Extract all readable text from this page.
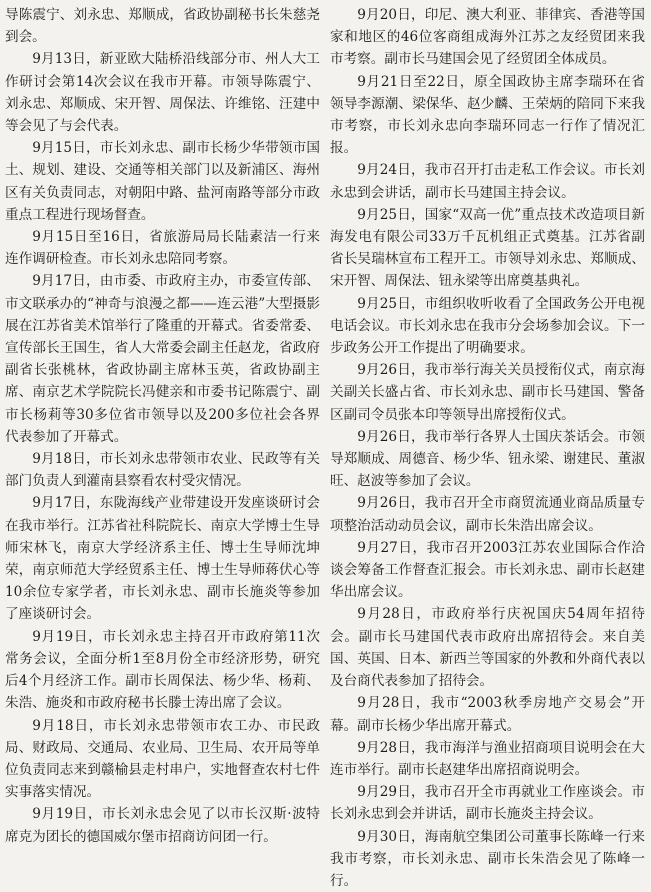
导陈震宁、刘永忠、郑顺成，省政协副秘书长朱慈尧到会。

9月13日，新亚欧大陆桥沿线部分市、州人大工作研讨会第14次会议在我市开幕。市领导陈震宁、刘永忠、郑顺成、宋开智、周保法、许维铭、汪建中等会见了与会代表。

9月15日，市长刘永忠、副市长杨少华带领市国土、规划、建设、交通等相关部门以及新浦区、海州区有关负责同志，对朝阳中路、盐河南路等部分市政重点工程进行现场督查。

9月15日至16日，省旅游局局长陆素洁一行来连作调研检查。市长刘永忠陪同考察。

9月17日，由市委、市政府主办，市委宣传部、市文联承办的“神奇与浪漫之都——连云港”大型摄影展在江苏省美术馆举行了隆重的开幕式。省委常委、宣传部长王国生，省人大常委会副主任赵龙，省政府副省长张桃林，省政协副主席林玉英，省政协副主席、南京艺术学院院长冯健亲和市委书记陈震宁、副市长杨莉等30多位省市领导以及200多位社会各界代表参加了开幕式。

9月18日，市长刘永忠带领市农业、民政等有关部门负责人到灌南县察看农村受灾情况。

9月17日，东陇海线产业带建设开发座谈研讨会在我市举行。江苏省社科院院长、南京大学博士生导师宋林飞，南京大学经济系主任、博士生导师沈坤荣，南京师范大学经贸系主任、博士生导师蒋伏心等10余位专家学者，市长刘永忠、副市长施炎等参加了座谈研讨会。

9月19日，市长刘永忠主持召开市政府第11次常务会议，全面分析1至8月份全市经济形势，研究后4个月经济工作。副市长周保法、杨少华、杨莉、朱浩、施炎和市政府秘书长滕士涛出席了会议。

9月18日，市长刘永忠带领市农工办、市民政局、财政局、交通局、农业局、卫生局、农开局等单位负责同志来到赣榆县走村串户，实地督查农村七件实事落实情况。

9月19日，市长刘永忠会见了以市长汉斯·波特席克为团长的德国威尔堡市招商访问团一行。

9月20日，印尼、澳大利亚、菲律宾、香港等国家和地区的46位客商组成海外江苏之友经贸团来我市考察。副市长马建国会见了经贸团全体成员。

9月21日至22日，原全国政协主席李瑞环在省领导李源潮、梁保华、赵少麟、王荣炳的陪同下来我市考察，市长刘永忠向李瑞环同志一行作了情况汇报。

9月24日，我市召开打击走私工作会议。市长刘永忠到会讲话，副市长马建国主持会议。

9月25日，国家“双高一优”重点技术改造项目新海发电有限公司33万千瓦机组正式奠基。江苏省副省长吴瑞林宣布工程开工。市领导刘永忠、郑顺成、宋开智、周保法、钮永梁等出席奠基典礼。

9月25日，市组织收听收看了全国政务公开电视电话会议。市长刘永忠在我市分会场参加会议。下一步政务公开工作提出了明确要求。

9月26日，我市举行海关关员授衔仪式，南京海关副关长盛占省、市长刘永忠、副市长马建国、警备区副司令员张本印等领导出席授衔仪式。

9月26日，我市举行各界人士国庆茶话会。市领导郑顺成、周德音、杨少华、钮永梁、谢建民、董淑旺、赵波等参加了会议。

9月26日，我市召开全市商贸流通业商品质量专项整治活动动员会议，副市长朱浩出席会议。

9月27日，我市召开2003江苏农业国际合作洽谈会筹备工作督查汇报会。市长刘永忠、副市长赵建华出席会议。

9月28日，市政府举行庆祝国庆54周年招待会。副市长马建国代表市政府出席招待会。来自美国、英国、日本、新西兰等国家的外教和外商代表以及台商代表参加了招待会。

9月28日，我市“2003秋季房地产交易会”开幕。副市长杨少华出席开幕式。

9月28日，我市海洋与渔业招商项目说明会在大连市举行。副市长赵建华出席招商说明会。

9月29日，我市召开全市再就业工作座谈会。市长刘永忠到会并讲话，副市长施炎主持会议。

9月30日，海南航空集团公司董事长陈峰一行来我市考察，市长刘永忠、副市长朱浩会见了陈峰一行。
